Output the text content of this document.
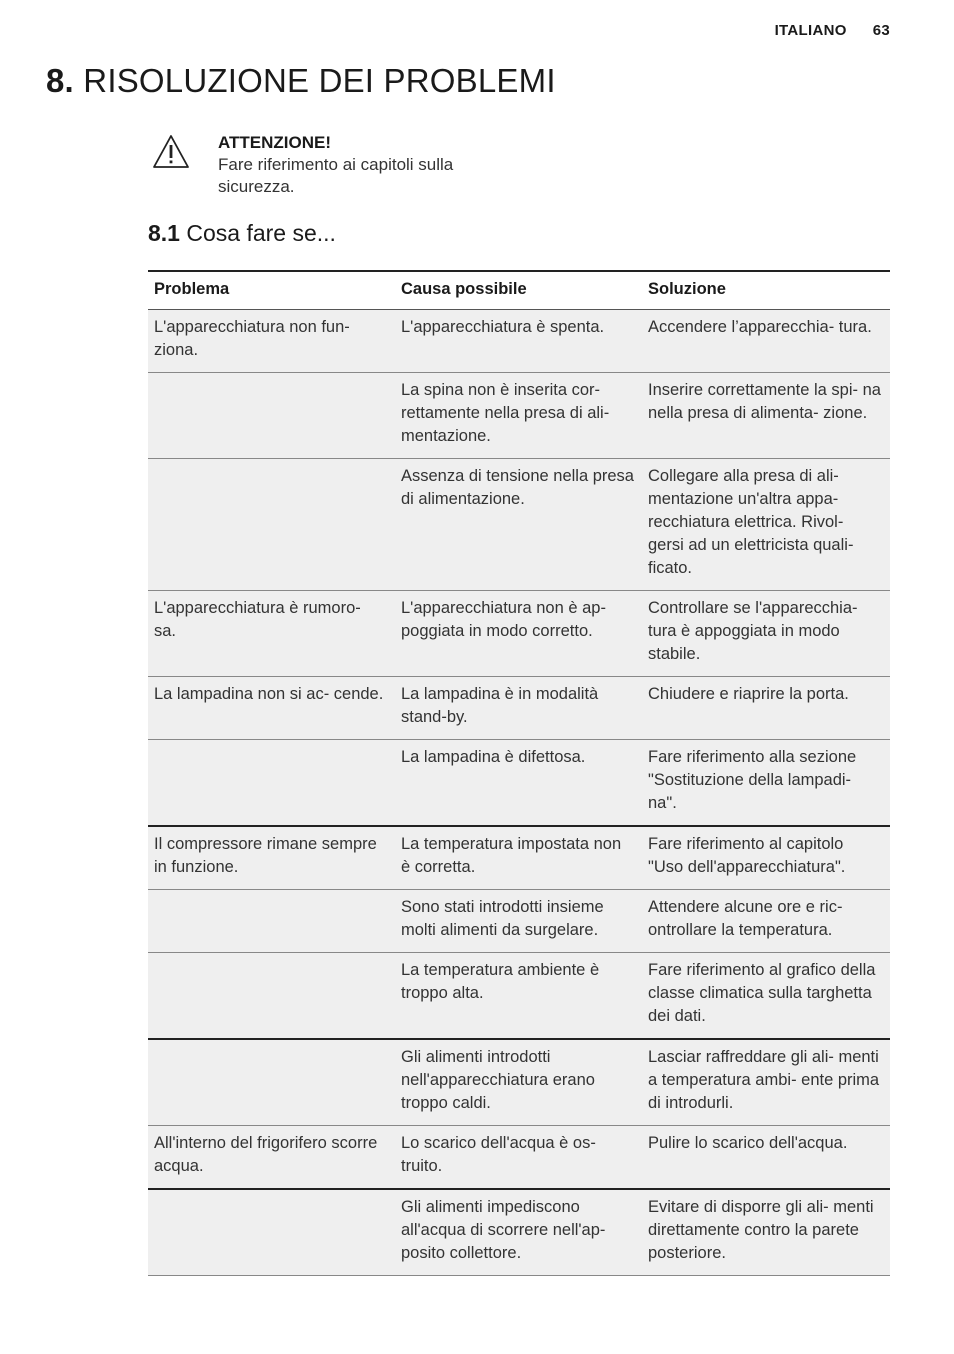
ITALIANO 63
8. RISOLUZIONE DEI PROBLEMI
ATTENZIONE!
Fare riferimento ai capitoli sulla sicurezza.
8.1 Cosa fare se...
Problema	Causa possibile	Soluzione
L'apparecchiatura non fun- ziona.	L'apparecchiatura è spenta.	Accendere l’apparecchia- tura.
	La spina non è inserita cor- rettamente nella presa di ali- mentazione.	Inserire correttamente la spi- na nella presa di alimenta- zione.
	Assenza di tensione nella presa di alimentazione.	Collegare alla presa di ali- mentazione un'altra appa- recchiatura elettrica. Rivol- gersi ad un elettricista quali- ficato.
L'apparecchiatura è rumoro- sa.	L'apparecchiatura non è ap- poggiata in modo corretto.	Controllare se l'apparecchia- tura è appoggiata in modo stabile.
La lampadina non si ac- cende.	La lampadina è in modalità stand-by.	Chiudere e riaprire la porta.
	La lampadina è difettosa.	Fare riferimento alla sezione "Sostituzione della lampadi- na".
Il compressore rimane sempre in funzione.	La temperatura impostata non è corretta.	Fare riferimento al capitolo "Uso dell'apparecchiatura".
	Sono stati introdotti insieme molti alimenti da surgelare.	Attendere alcune ore e ric- ontrollare la temperatura.
	La temperatura ambiente è troppo alta.	Fare riferimento al grafico della classe climatica sulla targhetta dei dati.
	Gli alimenti introdotti nell'apparecchiatura erano troppo caldi.	Lasciar raffreddare gli ali- menti a temperatura ambi- ente prima di introdurli.
All'interno del frigorifero scorre acqua.	Lo scarico dell'acqua è os- truito.	Pulire lo scarico dell'acqua.
	Gli alimenti impediscono all'acqua di scorrere nell'ap- posito collettore.	Evitare di disporre gli ali- menti direttamente contro la parete posteriore.
